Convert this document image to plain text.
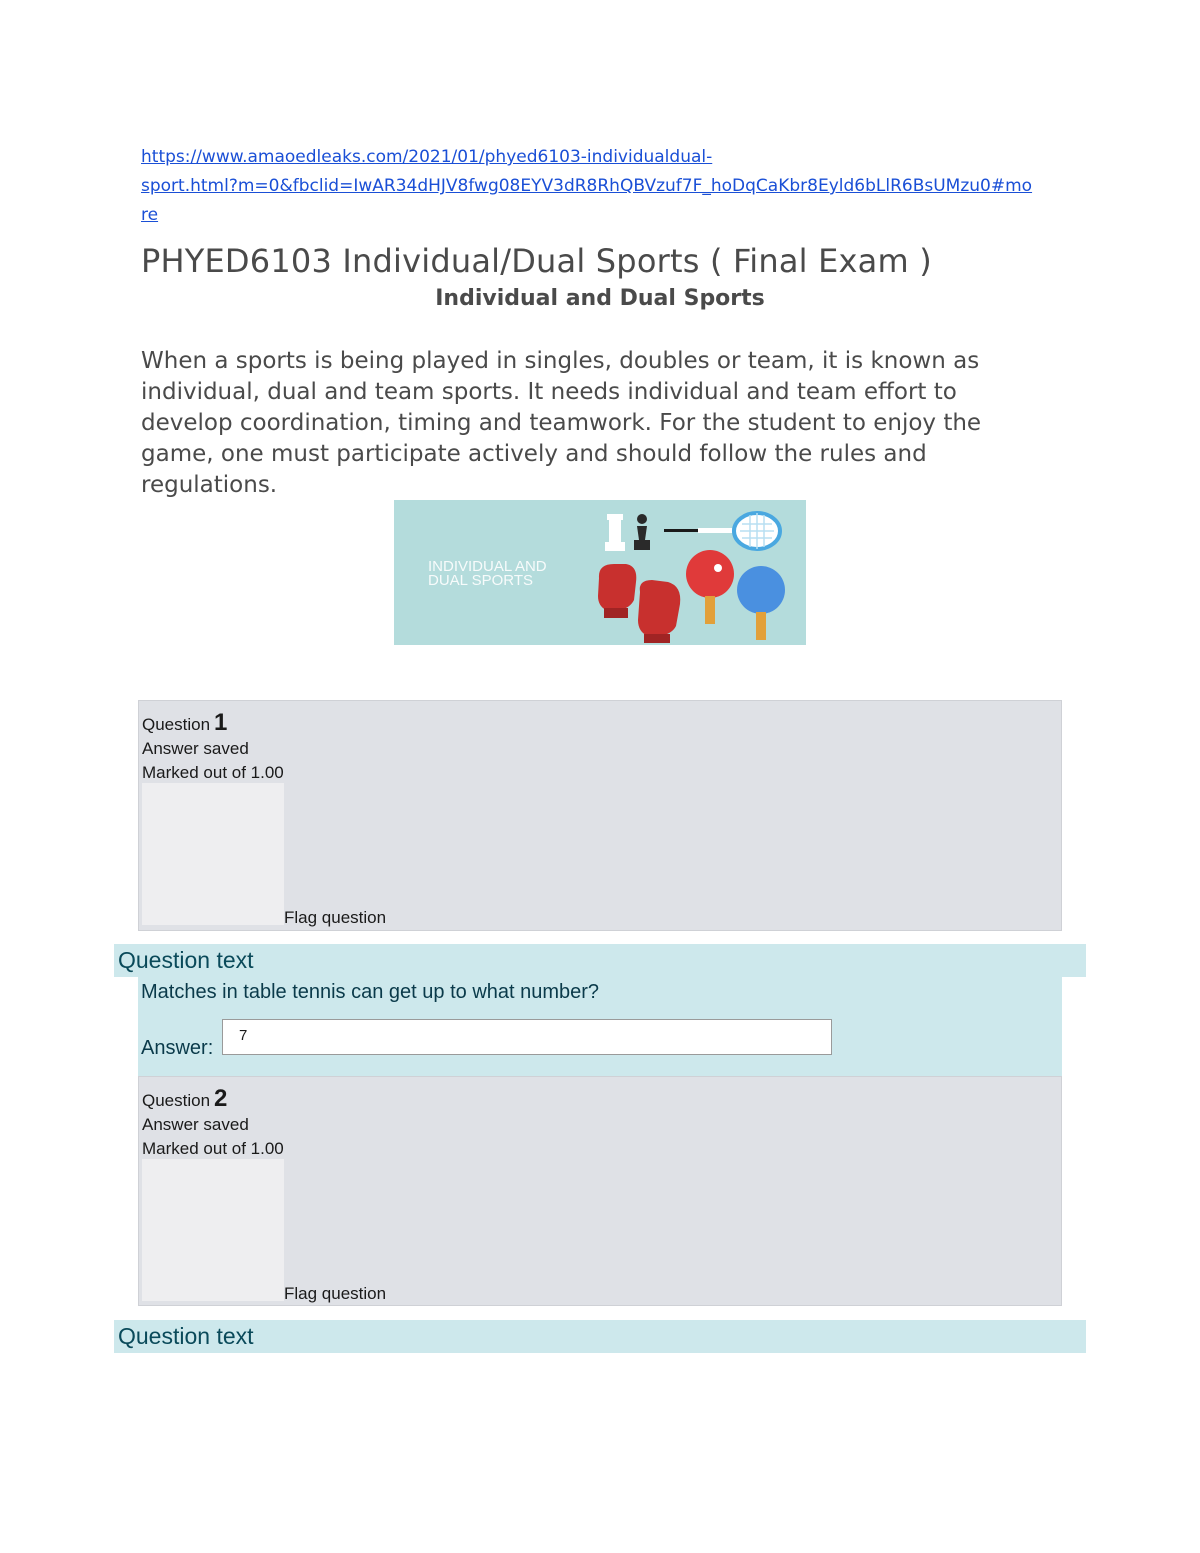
https://www.amaoedleaks.com/2021/01/phyed6103-individualdual-
sport.html?m=0&fbclid=IwAR34dHJV8fwg08EYV3dR8RhQBVzuf7F_hoDqCaKbr8Eyld6bLlR6BsUMzu0#mo
re
PHYED6103 Individual/Dual Sports ( Final Exam )
Individual and Dual Sports
When a sports is being played in singles, doubles or team, it is known as individual, dual and team sports. It needs individual and team effort to develop coordination, timing and teamwork. For the student to enjoy the game, one must participate actively and should follow the rules and regulations.
INDIVIDUAL AND
DUAL SPORTS
Question 1
Answer saved
Marked out of 1.00
Flag question
Question text
Matches in table tennis can get up to what number?
Answer:
7
Question 2
Answer saved
Marked out of 1.00
Flag question
Question text
